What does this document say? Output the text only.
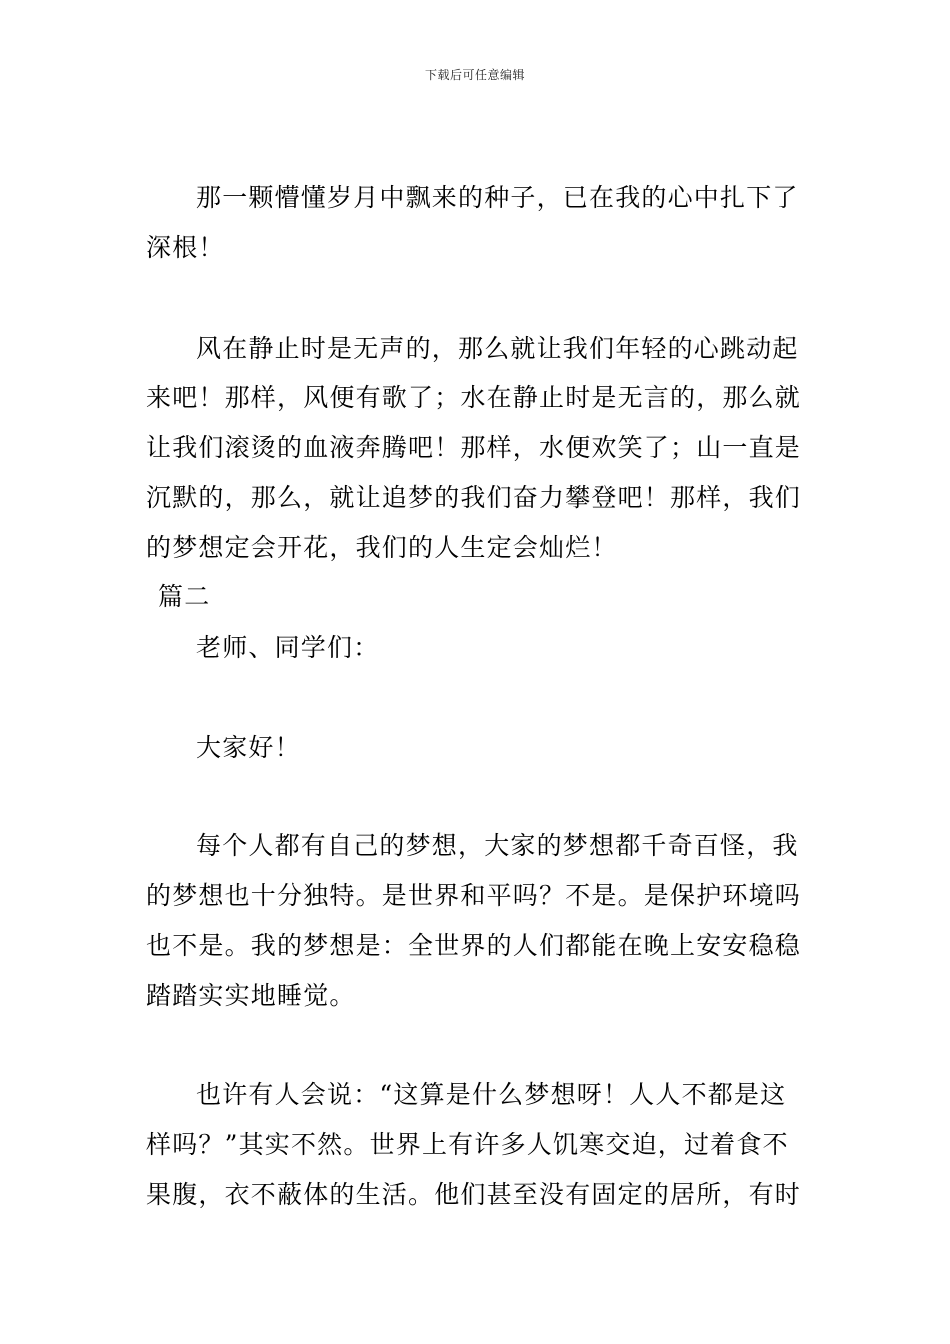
下载后可任意编辑
那一颗懵懂岁月中飘来的种子，已在我的心中扎下了
深根！
风在静止时是无声的，那么就让我们年轻的心跳动起
来吧！那样，风便有歌了；水在静止时是无言的，那么就
让我们滚烫的血液奔腾吧！那样，水便欢笑了；山一直是
沉默的，那么，就让追梦的我们奋力攀登吧！那样，我们
的梦想定会开花，我们的人生定会灿烂！
篇二
老师、同学们：
大家好！
每个人都有自己的梦想，大家的梦想都千奇百怪，我
的梦想也十分独特。是世界和平吗？不是。是保护环境吗
也不是。我的梦想是：全世界的人们都能在晚上安安稳稳
踏踏实实地睡觉。
也许有人会说：“这算是什么梦想呀！人人不都是这
样吗？”其实不然。世界上有许多人饥寒交迫，过着食不
果腹，衣不蔽体的生活。他们甚至没有固定的居所，有时
